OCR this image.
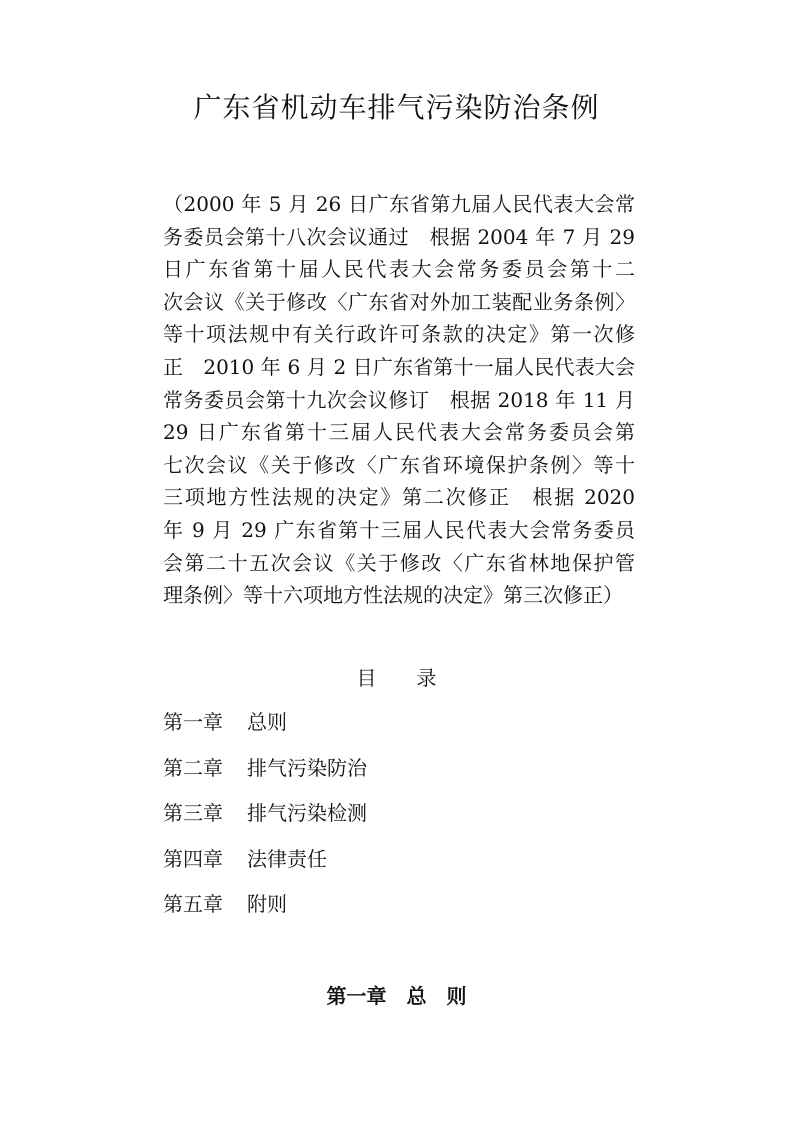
广东省机动车排气污染防治条例

（2000 年 5 月 26 日广东省第九届人民代表大会常
务委员会第十八次会议通过　根据 2004 年 7 月 29
日广东省第十届人民代表大会常务委员会第十二
次会议《关于修改〈广东省对外加工装配业务条例〉
等十项法规中有关行政许可条款的决定》第一次修
正　2010 年 6 月 2 日广东省第十一届人民代表大会
常务委员会第十九次会议修订　根据 2018 年 11 月
29 日广东省第十三届人民代表大会常务委员会第
七次会议《关于修改〈广东省环境保护条例〉等十
三项地方性法规的决定》第二次修正　根据 2020
年 9 月 29 广东省第十三届人民代表大会常务委员
会第二十五次会议《关于修改〈广东省林地保护管
理条例〉等十六项地方性法规的决定》第三次修正）

目 录
第一章 总则
第二章 排气污染防治
第三章 排气污染检测
第四章 法律责任
第五章 附则
第一章 总 则
